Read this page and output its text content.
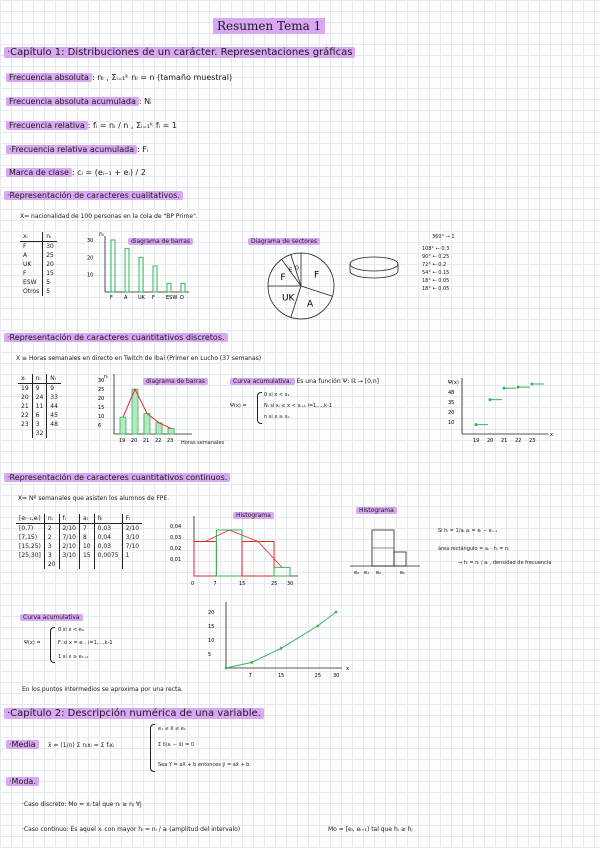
Resumen Tema 1
·Capítulo 1: Distribuciones de un carácter. Representaciones gráficas
Frecuencia absoluta : nᵢ , Σᵢ₌₁ᵏ nᵢ = n (tamaño muestral)
Frecuencia absoluta acumulada : Nᵢ
Frecuencia relativa : fᵢ = nᵢ / n , Σᵢ₌₁ᵏ fᵢ = 1
·Frecuencia relativa acumulada : Fᵢ
Marca de clase : cᵢ = (eᵢ₋₁ + eᵢ) / 2
·Representación de caracteres cualitativos.
X= nacionalidad de 100 personas en la cola de "BP Prime".
xᵢ	nᵢ
F	30
A	25
UK	20
F	15
ESW	5
Otros	5
nᵢ
30
20
10
F A UK F ESW O
diagrama de barras	Diagrama de sectores
F
A
UK
F
E O
360° → 1
108° ← 0.3
90° ← 0.25
72° ← 0.2
54° ← 0.15
18° ← 0.05
18° ← 0.05
·Representación de caracteres cuantitativos discretos.
X ≡ Horas semanales en directo en Twitch de Ibai (Primer en Lucho (37 semanas)
xᵢ	nᵢ	Nᵢ
19	9	9
20	24	33
21	11	44
22	6	45
23	3	48
	32	
nᵢ
30
25
20
15
10
6
19 20 21 22 23
diagrama de barras
Horas semanales
Curva acumulativa. Es una función Ψ: ℝ → [0,n]
Ψ(x) =
0 si x < x₁
Nᵢ si xᵢ ≤ x < xᵢ₊₁ i=1,...,k-1
n si x ≥ xₖ
Ψ(x)
48
35
20
10
19 20 21 22 23
x
·Representación de caracteres cuantitativos continuos.
X= Nº semanales que asisten los alumnos de FPE.
[eᵢ₋₁,eᵢ)	nᵢ	fᵢ	aᵢ	hᵢ	Fᵢ
[0,7)	2	2/10	7	0,03	2/10
[7,15)	2	7/10	8	0,04	3/10
[15,25)	3	2/10	10	0,03	7/10
[25,30]	3	3/10	15	0,0075	1
	20				
0,04
0,03
0,02
0,01
0	7	15	25 30
Histograma
e₀ e₁ e₂	eₖ
Histograma
Si hᵢ = 1/aᵢ aᵢ = eᵢ − eᵢ₋₁
área rectángulo = aᵢ · hᵢ = nᵢ
⇒ hᵢ = nᵢ / aᵢ , densidad de frecuencia
Curva acumulativa
Ψ(x) =
0 si x < e₀
Fᵢ si x = eᵢ , i=1,...,k-1
1 si x ≥ eₖ₊₁
20
15
10
5
7	15	25 30
x
En los puntos intermedios se aproxima por una recta.
·Capítulo 2: Descripción numérica de una variable.
·Media	x̄ = (1/n) Σ nᵢxᵢ = Σ fᵢxᵢ
e₁ ≤ x̄ ≤ eₖ
Σ fᵢ(xᵢ − x̄) = 0
Sea Y = aX + b entonces ȳ = ax̄ + b.
·Moda.
·Caso discreto: Mo = xᵢ tal que nᵢ ≥ nⱼ ∀j
·Caso continuo: Es aquel xᵢ con mayor hᵢ = nᵢ / aᵢ (amplitud del intervalo)	Mo = [eᵢ, eᵢ₊₁) tal que hᵢ ≥ hⱼ
